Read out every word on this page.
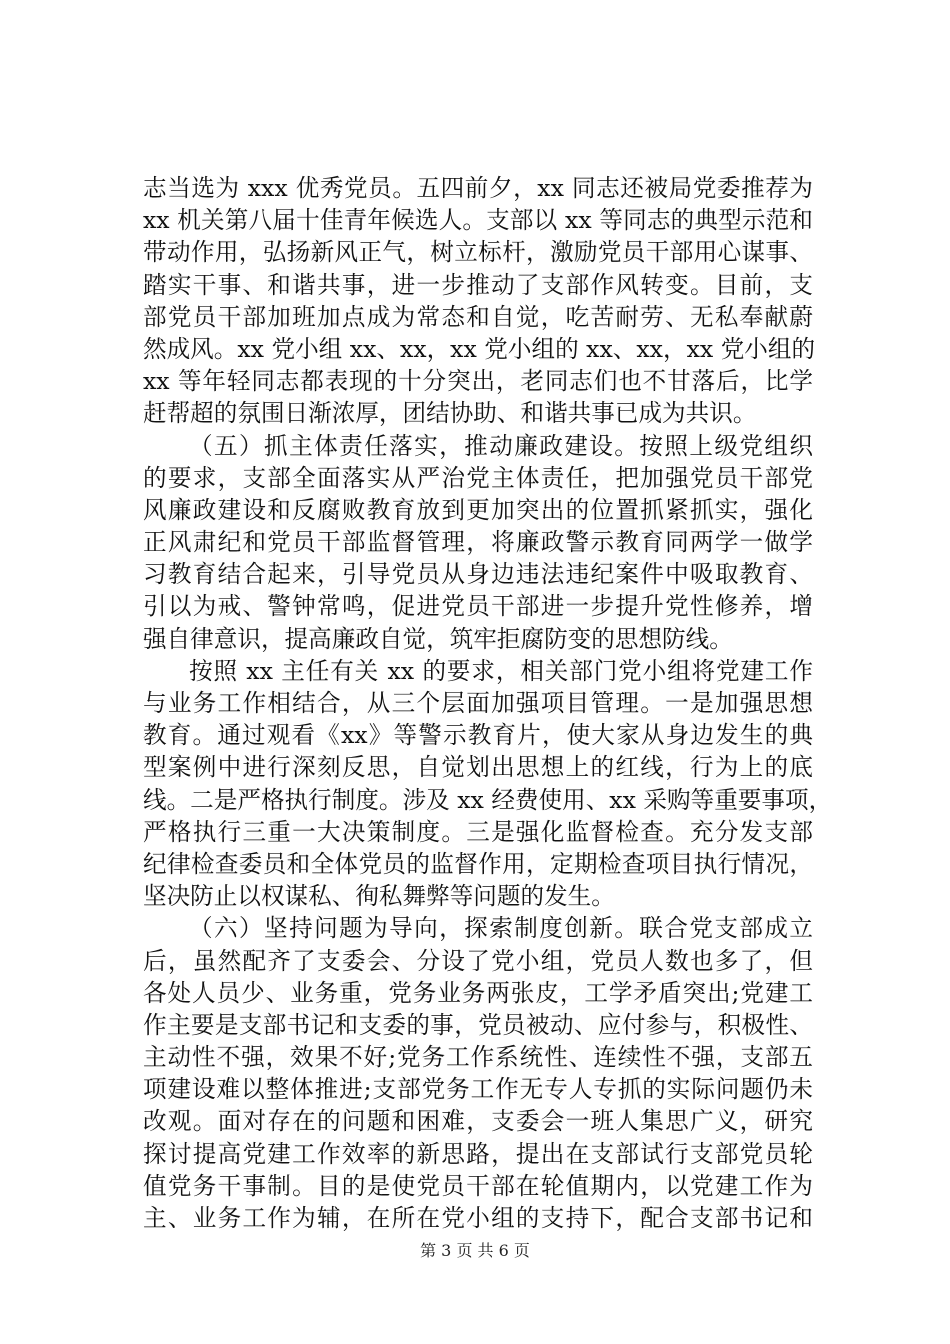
志当选为 xxx 优秀党员。五四前夕，xx 同志还被局党委推荐为
xx 机关第八届十佳青年候选人。支部以 xx 等同志的典型示范和
带动作用，弘扬新风正气，树立标杆，激励党员干部用心谋事、
踏实干事、和谐共事，进一步推动了支部作风转变。目前，支
部党员干部加班加点成为常态和自觉，吃苦耐劳、无私奉献蔚
然成风。xx 党小组 xx、xx，xx 党小组的 xx、xx，xx 党小组的
xx 等年轻同志都表现的十分突出，老同志们也不甘落后，比学
赶帮超的氛围日渐浓厚，团结协助、和谐共事已成为共识。
（五）抓主体责任落实，推动廉政建设。按照上级党组织
的要求，支部全面落实从严治党主体责任，把加强党员干部党
风廉政建设和反腐败教育放到更加突出的位置抓紧抓实，强化
正风肃纪和党员干部监督管理，将廉政警示教育同两学一做学
习教育结合起来，引导党员从身边违法违纪案件中吸取教育、
引以为戒、警钟常鸣，促进党员干部进一步提升党性修养，增
强自律意识，提高廉政自觉，筑牢拒腐防变的思想防线。
按照 xx 主任有关 xx 的要求，相关部门党小组将党建工作
与业务工作相结合，从三个层面加强项目管理。一是加强思想
教育。通过观看《xx》等警示教育片，使大家从身边发生的典
型案例中进行深刻反思，自觉划出思想上的红线，行为上的底
线。二是严格执行制度。涉及 xx 经费使用、xx 采购等重要事项，
严格执行三重一大决策制度。三是强化监督检查。充分发支部
纪律检查委员和全体党员的监督作用，定期检查项目执行情况，
坚决防止以权谋私、徇私舞弊等问题的发生。
（六）坚持问题为导向，探索制度创新。联合党支部成立
后，虽然配齐了支委会、分设了党小组，党员人数也多了，但
各处人员少、业务重，党务业务两张皮，工学矛盾突出;党建工
作主要是支部书记和支委的事，党员被动、应付参与，积极性、
主动性不强，效果不好;党务工作系统性、连续性不强，支部五
项建设难以整体推进;支部党务工作无专人专抓的实际问题仍未
改观。面对存在的问题和困难，支委会一班人集思广义，研究
探讨提高党建工作效率的新思路，提出在支部试行支部党员轮
值党务干事制。目的是使党员干部在轮值期内，以党建工作为
主、业务工作为辅，在所在党小组的支持下，配合支部书记和
第 3 页 共 6 页
